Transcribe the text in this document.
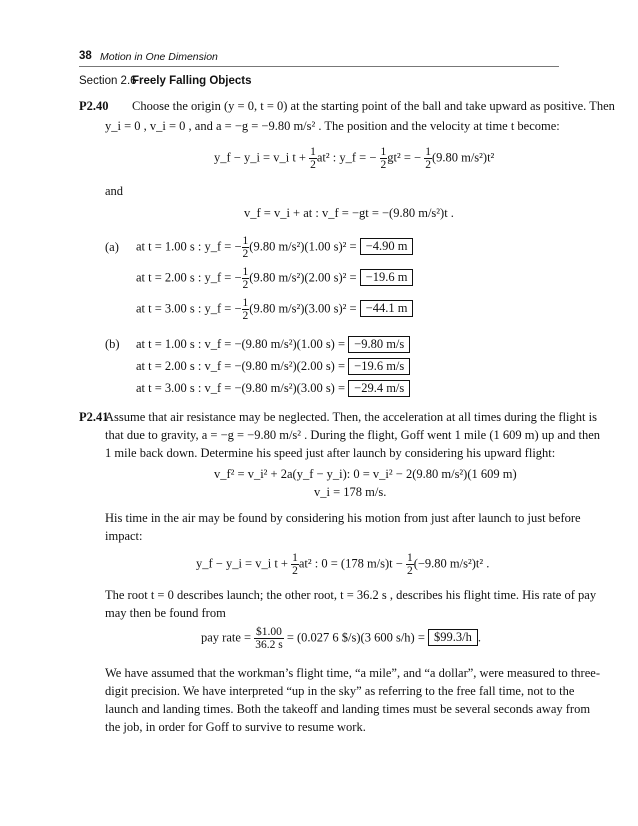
38 Motion in One Dimension
Section 2.6
Freely Falling Objects
P2.40 Choose the origin (y = 0, t = 0) at the starting point of the ball and take upward as positive. Then
y_i = 0 , v_i = 0 , and a = −g = −9.80 m/s² . The position and the velocity at time t become:
y_f − y_i = v_i $t + \frac{1}{2} at^2$ : y_f = − $\frac{1}{2} gt^2$ = − $\frac{1}{2} (9.80$ m/s²)t²
and
v_f = v_i + at : v_f = −gt = −(9.80 m/s²)t .
(a) at t = 1.00 s : y_f = − $\frac{1}{2} (9.80$ m/s²)(1.00 s)² = −4.90 m
at t = 2.00 s : y_f = − $\frac{1}{2} (9.80$ m/s²)(2.00 s)² = −19.6 m
at t = 3.00 s : y_f = − $\frac{1}{2} (9.80$ m/s²)(3.00 s)² = −44.1 m
(b) at t = 1.00 s : v_f = −(9.80 m/s²)(1.00 s) = −9.80 m/s
at t = 2.00 s : v_f = −(9.80 m/s²)(2.00 s) = −19.6 m/s
at t = 3.00 s : v_f = −(9.80 m/s²)(3.00 s) = −29.4 m/s
P2.41
Assume that air resistance may be neglected. Then, the acceleration at all times during the flight is
that due to gravity, a = −g = −9.80 m/s² . During the flight, Goff went 1 mile (1 609 m) up and then
1 mile back down. Determine his speed just after launch by considering his upward flight:
v_f² = v_i² + 2a(y_f − y_i): 0 = v_i² − 2(9.80 m/s²)(1 609 m)
v_i = 178 m/s.
His time in the air may be found by considering his motion from just after launch to just before
impact:
y_f − y_i = v_i $t + \frac{1}{2} at^2$ : 0 = (178 $m/s)t - \frac{1}{2} (-9.80$ m/s²)t² .
The root t = 0 describes launch; the other root, t = 36.2 s , describes his flight time. His rate of pay
may then be found from
pay rate = $\frac{\$1.00}{36.2 s} = (0.027$ 6 $/s)(3 600 s/h) = $99.3/h .
We have assumed that the workman’s flight time, “a mile”, and “a dollar”, were measured to three-
digit precision. We have interpreted “up in the sky” as referring to the free fall time, not to the
launch and landing times. Both the takeoff and landing times must be several seconds away from
the job, in order for Goff to survive to resume work.
